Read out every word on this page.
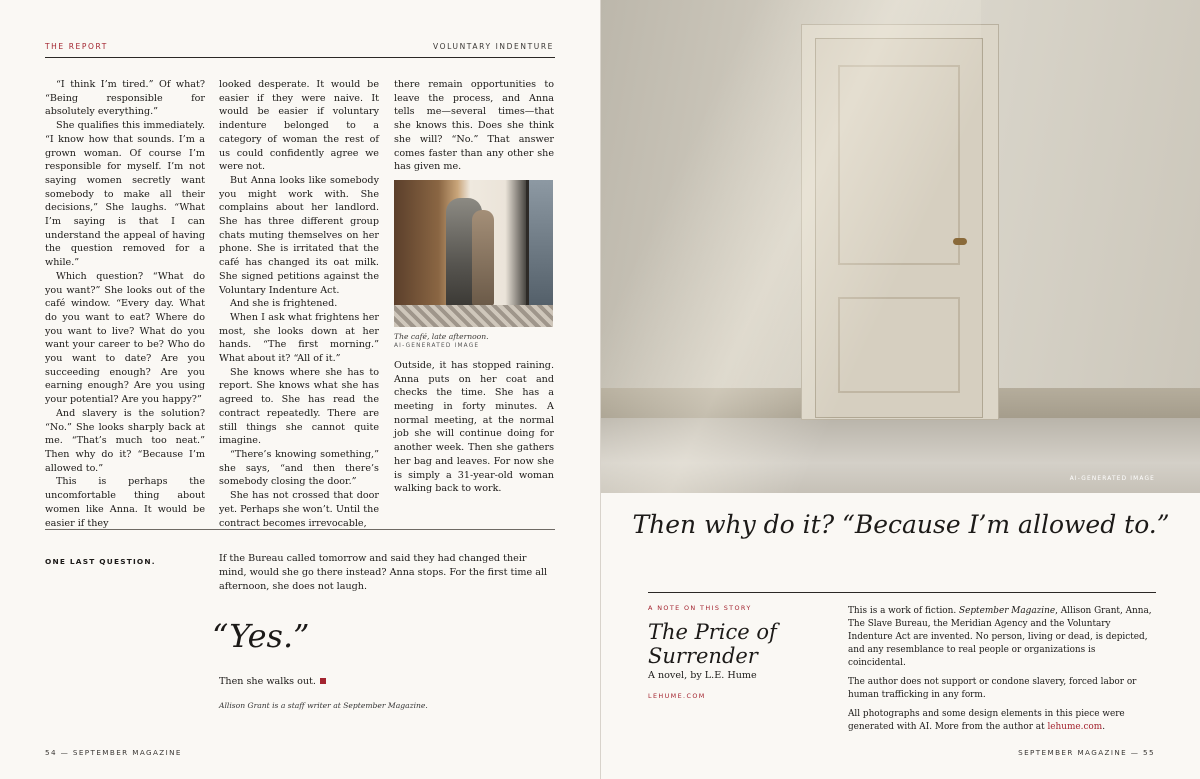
THE REPORT	VOLUNTARY INDENTURE

“I think I’m tired.” Of what? “Being responsible for absolutely everything.”

She qualifies this immediately. “I know how that sounds. I’m a grown woman. Of course I’m responsible for myself. I’m not saying women secretly want somebody to make all their decisions,” She laughs. “What I’m saying is that I can understand the appeal of having the question removed for a while.”

Which question? “What do you want?” She looks out of the café window. “Every day. What do you want to eat? Where do you want to live? What do you want your career to be? Who do you want to date? Are you succeeding enough? Are you earning enough? Are you using your potential? Are you happy?”

And slavery is the solution? “No.” She looks sharply back at me. “That’s much too neat.” Then why do it? “Because I’m allowed to.”

This is perhaps the uncomfortable thing about women like Anna. It would be easier if they

looked desperate. It would be easier if they were naive. It would be easier if voluntary indenture belonged to a category of woman the rest of us could confidently agree we were not.

But Anna looks like somebody you might work with. She complains about her landlord. She has three different group chats muting themselves on her phone. She is irritated that the café has changed its oat milk. She signed petitions against the Voluntary Indenture Act.

And she is frightened.

When I ask what frightens her most, she looks down at her hands. “The first morning.” What about it? “All of it.”

She knows where she has to report. She knows what she has agreed to. She has read the contract repeatedly. There are still things she cannot quite imagine.

“There’s knowing something,” she says, “and then there’s somebody closing the door.”

She has not crossed that door yet. Perhaps she won’t. Until the contract becomes irrevocable,

there remain opportunities to leave the process, and Anna tells me—several times—that she knows this. Does she think she will? “No.” That answer comes faster than any other she has given me.

The café, late afternoon.

AI-GENERATED IMAGE

Outside, it has stopped raining. Anna puts on her coat and checks the time. She has a meeting in forty minutes. A normal meeting, at the normal job she will continue doing for another week. Then she gathers her bag and leaves. For now she is simply a 31-year-old woman walking back to work.

ONE LAST QUESTION.	If the Bureau called tomorrow and said they had changed their mind, would she go there instead? Anna stops. For the first time all afternoon, she does not laugh.
“Yes.”
Then she walks out.
Allison Grant is a staff writer at September Magazine.
54 — SEPTEMBER MAGAZINE
AI-GENERATED IMAGE
Then why do it? “Because I’m allowed to.”
A NOTE ON THIS STORY
The Price of Surrender
A novel, by L.E. Hume
LEHUME.COM

This is a work of fiction. September Magazine, Allison Grant, Anna, The Slave Bureau, the Meridian Agency and the Voluntary Indenture Act are invented. No person, living or dead, is depicted, and any resemblance to real people or organizations is coincidental.

The author does not support or condone slavery, forced labor or human trafficking in any form.

All photographs and some design elements in this piece were generated with AI. More from the author at lehume.com.

SEPTEMBER MAGAZINE — 55
